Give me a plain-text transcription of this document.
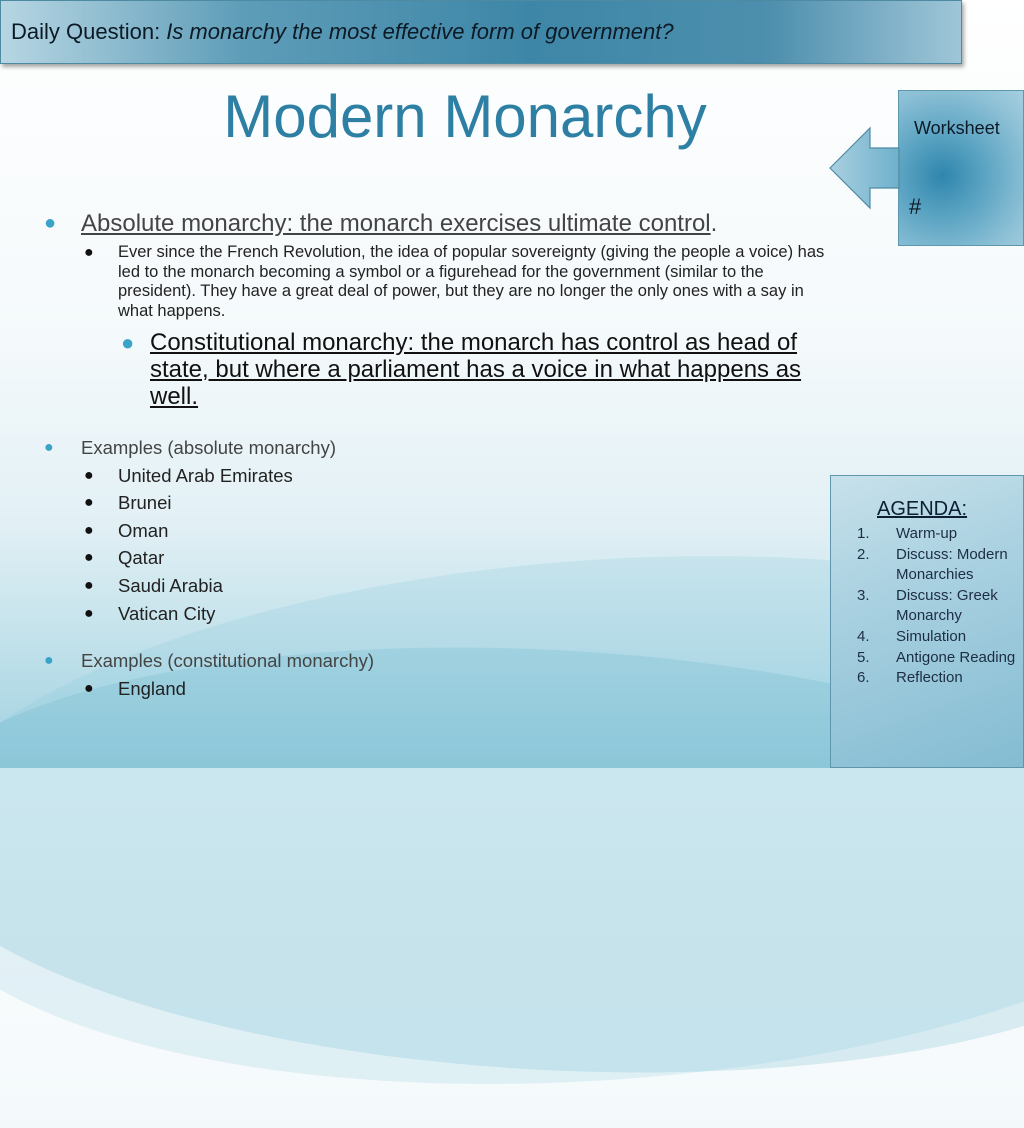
Daily Question: Is monarchy the most effective form of government?
Modern Monarchy	Worksheet
#
● Absolute monarchy: the monarch exercises ultimate control.
● Ever since the French Revolution, the idea of popular sovereignty (giving the people a voice) has led to the monarch becoming a symbol or a figurehead for the government (similar to the president). They have a great deal of power, but they are no longer the only ones with a say in what happens.
● Constitutional monarchy: the monarch has control as head of state, but where a parliament has a voice in what happens as well.
● Examples (absolute monarchy)
● United Arab Emirates
● Brunei
● Oman
● Qatar
● Saudi Arabia
● Vatican City
● Examples (constitutional monarchy)
● England
AGENDA:
1. Warm-up
2. Discuss: Modern Monarchies
3. Discuss: Greek Monarchy
4. Simulation
5. Antigone Reading
6. Reflection
